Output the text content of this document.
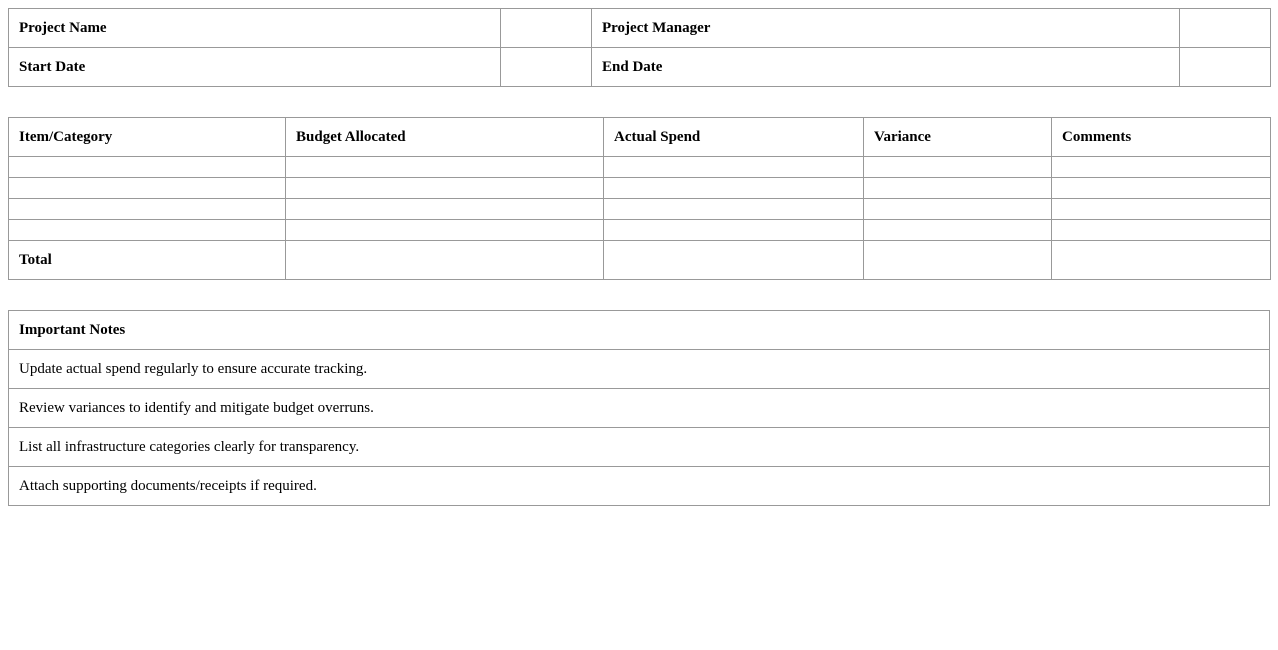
Project Name		Project Manager	
Start Date		End Date	
Item/Category	Budget Allocated	Actual Spend	Variance	Comments

Total				
Important Notes
Update actual spend regularly to ensure accurate tracking.
Review variances to identify and mitigate budget overruns.
List all infrastructure categories clearly for transparency.
Attach supporting documents/receipts if required.
